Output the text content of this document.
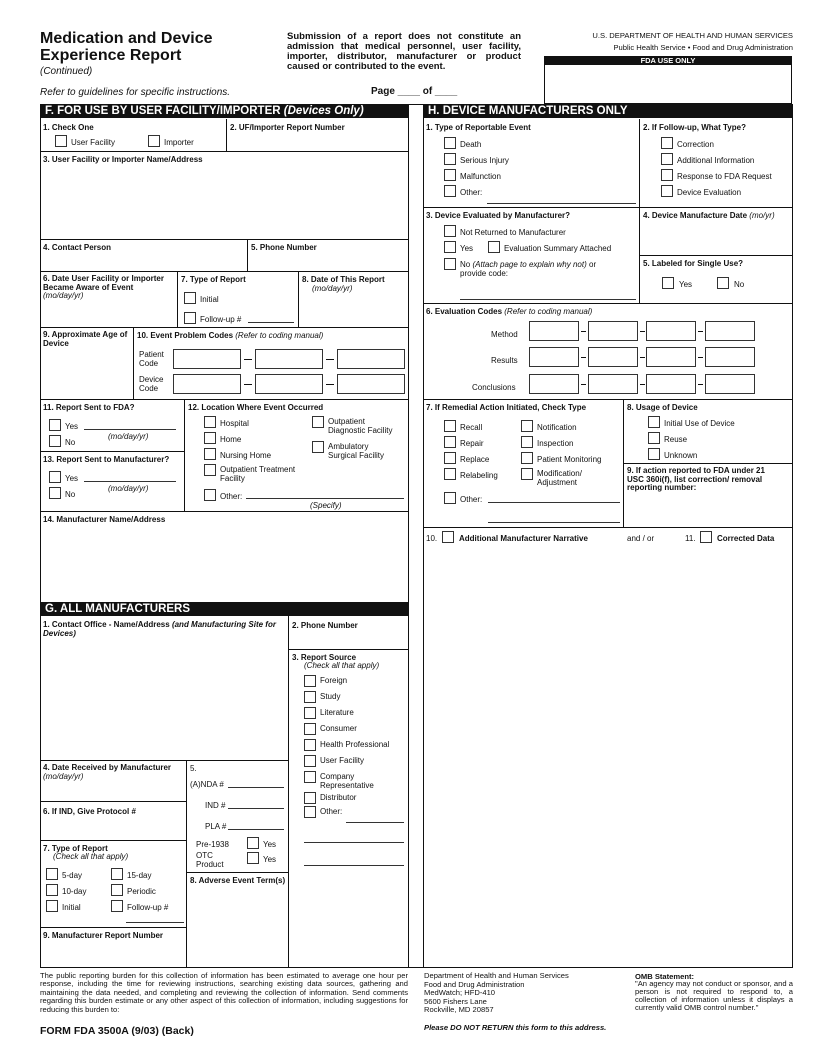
Medication and Device
Experience Report
(Continued)
Submission of a report does not constitute an admission that medical personnel, user facility, importer, distributor, manufacturer or product caused or contributed to the event.
U.S. DEPARTMENT OF HEALTH AND HUMAN SERVICES
Public Health Service • Food and Drug Administration
FDA USE ONLY
Refer to guidelines for specific instructions.	Page ____ of ____
F. FOR USE BY USER FACILITY/IMPORTER (Devices Only)
1. Check One
User Facility	Importer
2. UF/Importer Report Number
3. User Facility or Importer Name/Address
4. Contact Person	5. Phone Number
6. Date User Facility or Importer Became Aware of Event (mo/day/yr)
7. Type of Report
Initial
Follow-up #
8. Date of This Report
(mo/day/yr)
9. Approximate Age of Device
10. Event Problem Codes (Refer to coding manual)
Patient Code
Device Code
11. Report Sent to FDA?
Yes
(mo/day/yr)
No
13. Report Sent to Manufacturer?
Yes
(mo/day/yr)
No
12. Location Where Event Occurred
Hospital
Home
Nursing Home
Outpatient Treatment Facility
Other:
(Specify)
Outpatient Diagnostic Facility
Ambulatory Surgical Facility
14. Manufacturer Name/Address
G. ALL MANUFACTURERS
1. Contact Office - Name/Address (and Manufacturing Site for Devices)
2. Phone Number
3. Report Source
(Check all that apply)
Foreign
Study
Literature
Consumer
Health Professional
User Facility
Company Representative
Distributor
Other:
4. Date Received by Manufacturer (mo/day/yr)
5.
(A)NDA #
IND #
PLA #
Pre-1938	Yes
OTC Product
Yes
6. If IND, Give Protocol #
7. Type of Report
(Check all that apply)
5-day	15-day
10-day	Periodic
Initial	Follow-up #
8. Adverse Event Term(s)
9. Manufacturer Report Number
H. DEVICE MANUFACTURERS ONLY
1. Type of Reportable Event
Death
Serious Injury
Malfunction
Other:
2. If Follow-up, What Type?
Correction
Additional Information
Response to FDA Request
Device Evaluation
3. Device Evaluated by Manufacturer?
Not Returned to Manufacturer
Yes	Evaluation Summary Attached
No (Attach page to explain why not) or provide code:
4. Device Manufacture Date (mo/yr)
5. Labeled for Single Use?
Yes	No
6. Evaluation Codes (Refer to coding manual)
Method
Results
Conclusions
7. If Remedial Action Initiated, Check Type
Recall
Repair
Replace
Relabeling
Other:
Notification
Inspection
Patient Monitoring
Modification/ Adjustment
8. Usage of Device
Initial Use of Device
Reuse
Unknown
9. If action reported to FDA under 21 USC 360i(f), list correction/ removal reporting number:
10.	Additional Manufacturer Narrative	and / or	11.	Corrected Data
The public reporting burden for this collection of information has been estimated to average one hour per response, including the time for reviewing instructions, searching existing data sources, gathering and maintaining the data needed, and completing and reviewing the collection of information. Send comments regarding this burden estimate or any other aspect of this collection of information, including suggestions for reducing this burden to:
FORM FDA 3500A (9/03) (Back)
Department of Health and Human Services
Food and Drug Administration
MedWatch; HFD-410
5600 Fishers Lane
Rockville, MD 20857
Please DO NOT RETURN this form to this address.
OMB Statement:
"An agency may not conduct or sponsor, and a person is not required to respond to, a collection of information unless it displays a currently valid OMB control number."
